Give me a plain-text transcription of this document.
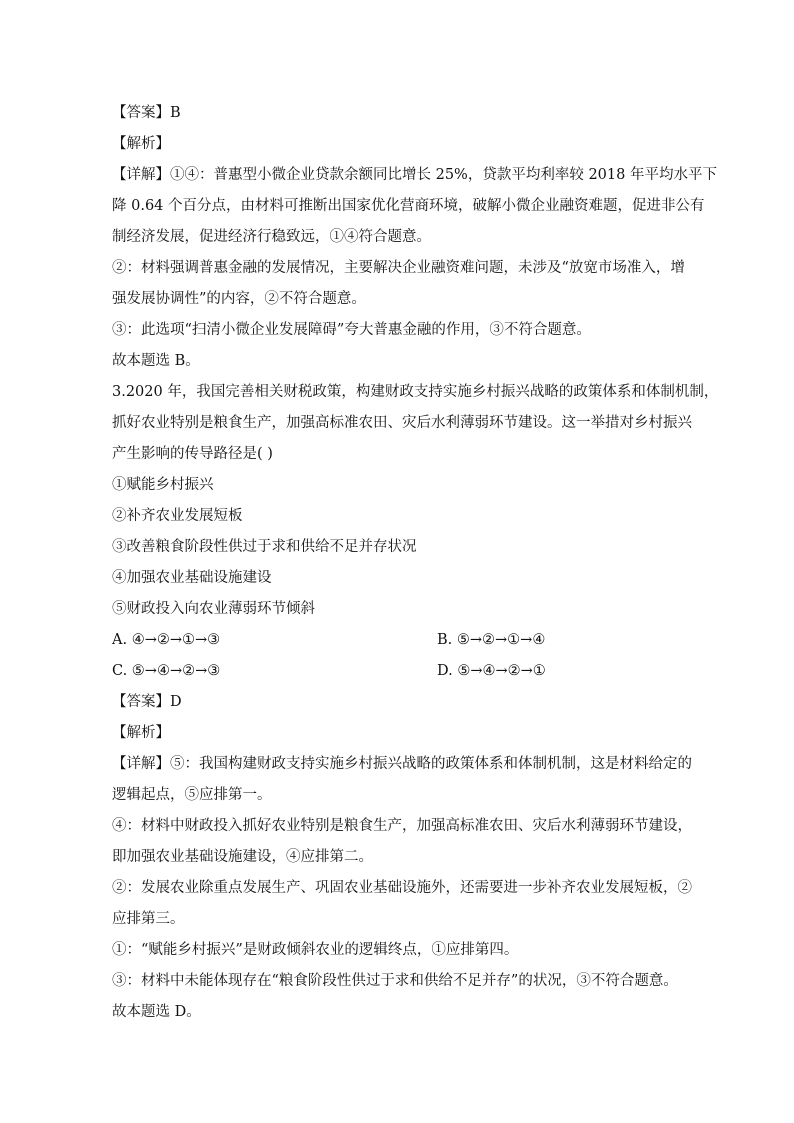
【答案】B
【解析】
【详解】①④：普惠型小微企业贷款余额同比增长 25%，贷款平均利率较 2018 年平均水平下
降 0.64 个百分点，由材料可推断出国家优化营商环境，破解小微企业融资难题，促进非公有
制经济发展，促进经济行稳致远，①④符合题意。
②：材料强调普惠金融的发展情况，主要解决企业融资难问题，未涉及“放宽市场准入，增
强发展协调性”的内容，②不符合题意。
③：此选项“扫清小微企业发展障碍”夸大普惠金融的作用，③不符合题意。
故本题选 B。
3.2020 年，我国完善相关财税政策，构建财政支持实施乡村振兴战略的政策体系和体制机制，
抓好农业特别是粮食生产，加强高标准农田、灾后水利薄弱环节建设。这一举措对乡村振兴
产生影响的传导路径是( )
①赋能乡村振兴
②补齐农业发展短板
③改善粮食阶段性供过于求和供给不足并存状况
④加强农业基础设施建设
⑤财政投入向农业薄弱环节倾斜
A. ④→②→①→③	B. ⑤→②→①→④
C. ⑤→④→②→③	D. ⑤→④→②→①
【答案】D
【解析】
【详解】⑤：我国构建财政支持实施乡村振兴战略的政策体系和体制机制，这是材料给定的
逻辑起点，⑤应排第一。
④：材料中财政投入抓好农业特别是粮食生产，加强高标准农田、灾后水利薄弱环节建设，
即加强农业基础设施建设，④应排第二。
②：发展农业除重点发展生产、巩固农业基础设施外，还需要进一步补齐农业发展短板，②
应排第三。
①：“赋能乡村振兴”是财政倾斜农业的逻辑终点，①应排第四。
③：材料中未能体现存在“粮食阶段性供过于求和供给不足并存”的状况，③不符合题意。
故本题选 D。
